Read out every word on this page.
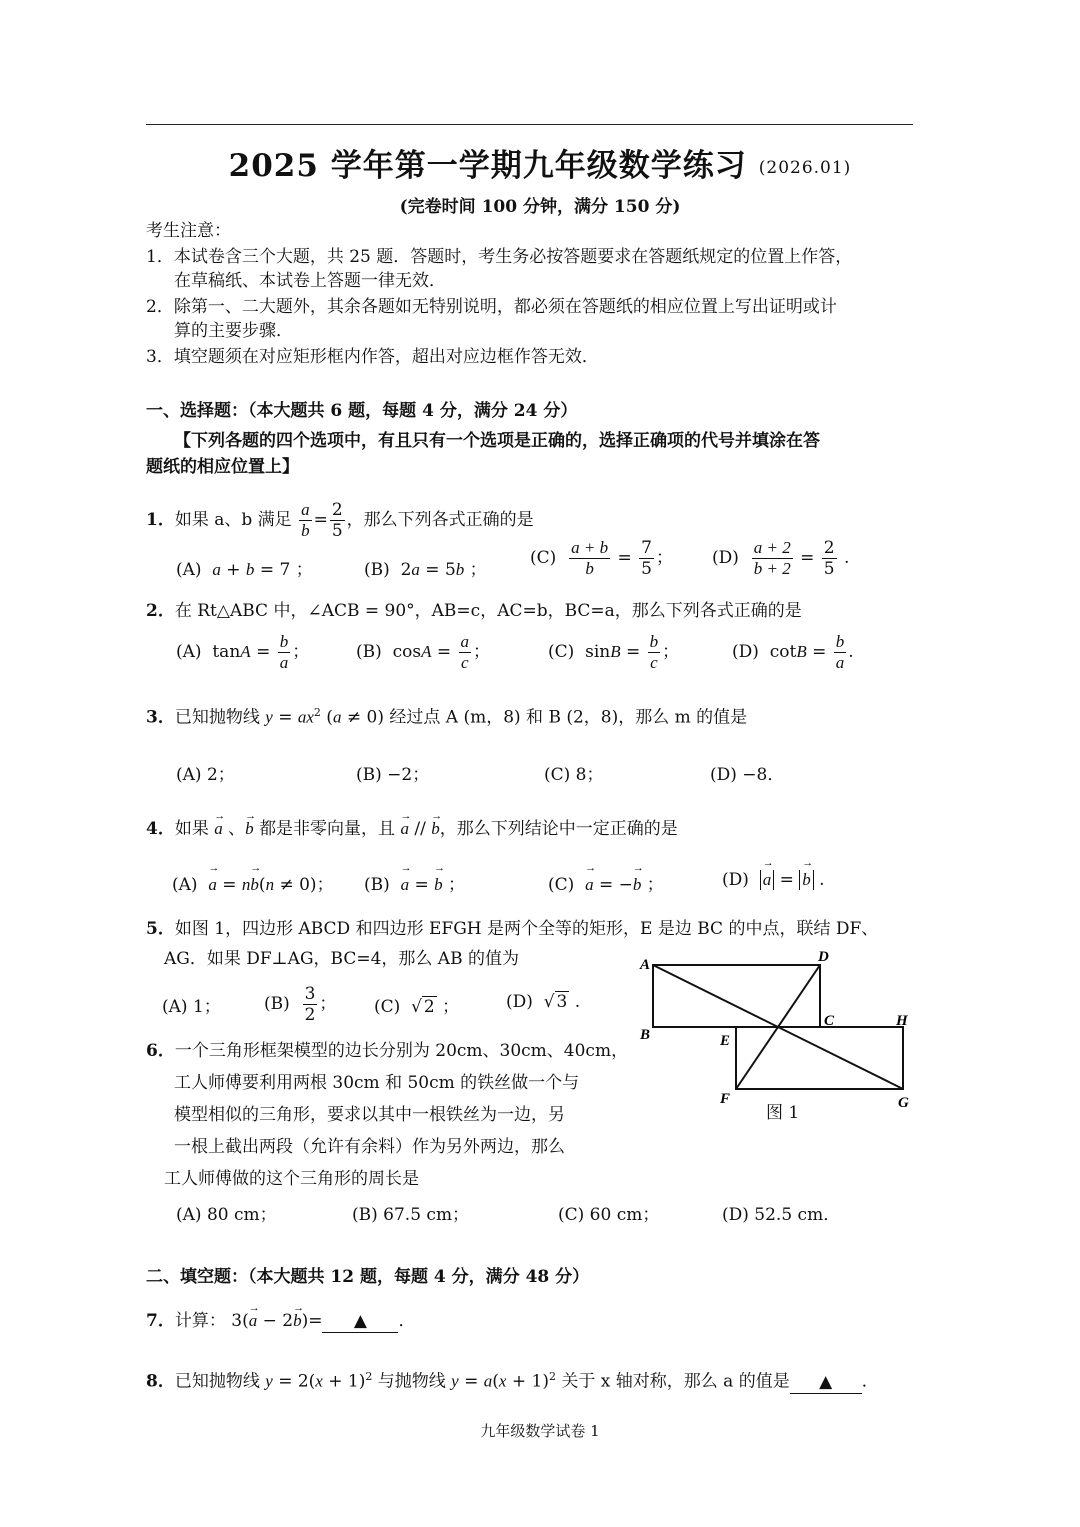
2025 学年第一学期九年级数学练习 (2026.01)
(完卷时间 100 分钟，满分 150 分)
考生注意：
1．本试卷含三个大题，共 25 题．答题时，考生务必按答题要求在答题纸规定的位置上作答，
在草稿纸、本试卷上答题一律无效．
2．除第一、二大题外，其余各题如无特别说明，都必须在答题纸的相应位置上写出证明或计
算的主要步骤．
3．填空题须在对应矩形框内作答，超出对应边框作答无效．
一、选择题：（本大题共 6 题，每题 4 分，满分 24 分）
【下列各题的四个选项中，有且只有一个选项是正确的，选择正确项的代号并填涂在答
题纸的相应位置上】
1．如果 a、b 满足 $\frac{a}{b} = \frac{2}{5}$ ，那么下列各式正确的是
(A) a + b = 7 ；	(B)  2a = 5b ；
$(C) \frac{a + b}{b} = \frac{7}{5}$ ； $(D) \frac{a + 2}{b + 2} = \frac{2}{5}$ .
2．在 Rt△ABC 中，∠ACB = 90°，AB=c，AC=b，BC=a，那么下列各式正确的是
(A)  $\tan A = \frac{b}{a}$ ；	(B)  $\cos A = \frac{a}{c}$ ；	(C)  $\sin B = \frac{b}{c}$ ；	(D)  $\cot B = \frac{b}{a}$ .
3．已知抛物线 $y = ax^2$ (a ≠ 0) 经过点 A (m，8) 和 B (2，8)，那么 m 的值是
(A) 2；	(B) −2；	(C) 8；	(D) −8．
4．如果 → a 、→ b 都是非零向量，且 → a // → b，那么下列结论中一定正确的是
(A) → a = n→ b(n ≠ 0)； (B) → a = → b ；	(C) → a = −→ b ；	(D) → a = → b .
5．如图 1，四边形 ABCD 和四边形 EFGH 是两个全等的矩形，E 是边 BC 的中点，联结 DF、
AG．如果 DF⊥AG，BC=4，那么 AB 的值为
(A) 1；	$(B) \frac{3}{2}$ ； (C)  √ 2 ；	(D)  √ 3 .
6．一个三角形框架模型的边长分别为 20cm、30cm、40cm，
工人师傅要利用两根 30cm 和 50cm 的铁丝做一个与
模型相似的三角形，要求以其中一根铁丝为一边，另
一根上截出两段（允许有余料）作为另外两边，那么
工人师傅做的这个三角形的周长是
(A) 80 cm；	(B) 67.5 cm；	(C) 60 cm；	(D) 52.5 cm．
A	D
B
C	H
E
F	G
图 1
二、填空题：（本大题共 12 题，每题 4 分，满分 48 分）
7．计算： 3(→ a − 2→ b)= ▲ ．
8．已知抛物线 $y = 2(x + 1)^2$ 与抛物线 $y = a(x + 1)^2$ 关于 x 轴对称，那么 a 的值是 ▲ ．
九年级数学试卷 1
